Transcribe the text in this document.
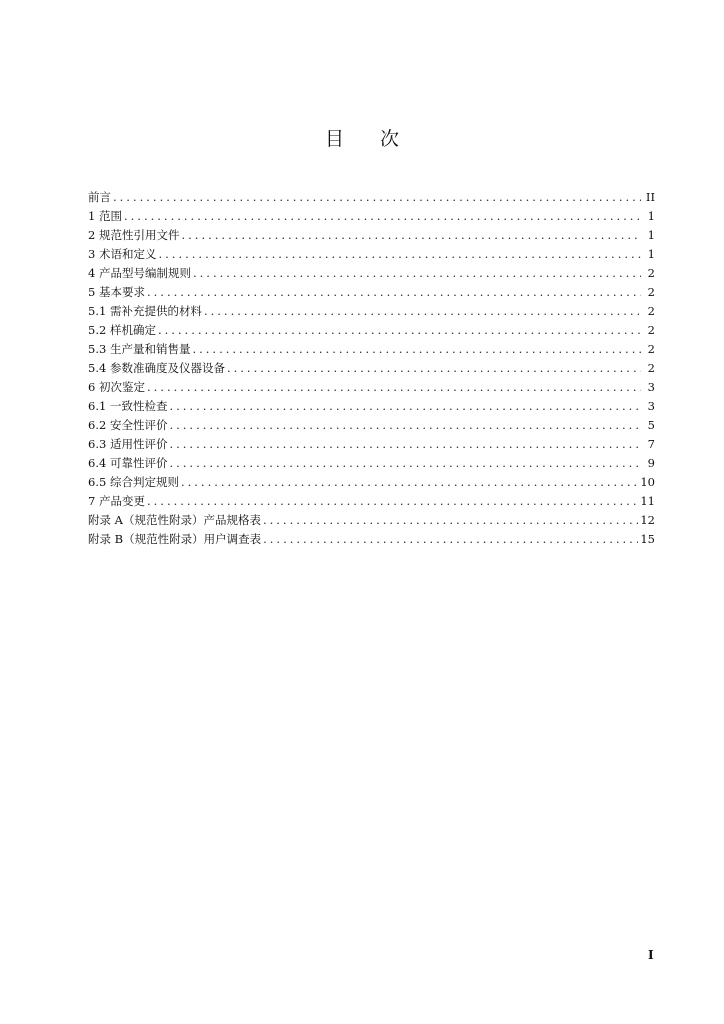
目次
前言 .....	II
1 范围 .....	1
2 规范性引用文件 .....	1
3 术语和定义 .....	1
4 产品型号编制规则 .....	2
5 基本要求 .....	2
5.1 需补充提供的材料 .....	2
5.2 样机确定 .....	2
5.3 生产量和销售量 .....	2
5.4 参数准确度及仪器设备 .....	2
6 初次鉴定 .....	3
6.1 一致性检查 .....	3
6.2 安全性评价 .....	5
6.3 适用性评价 .....	7
6.4 可靠性评价 .....	9
6.5 综合判定规则 .....	10
7 产品变更 .....	11
附录 A（规范性附录）产品规格表 .....	12
附录 B（规范性附录）用户调查表 .....	15
I
